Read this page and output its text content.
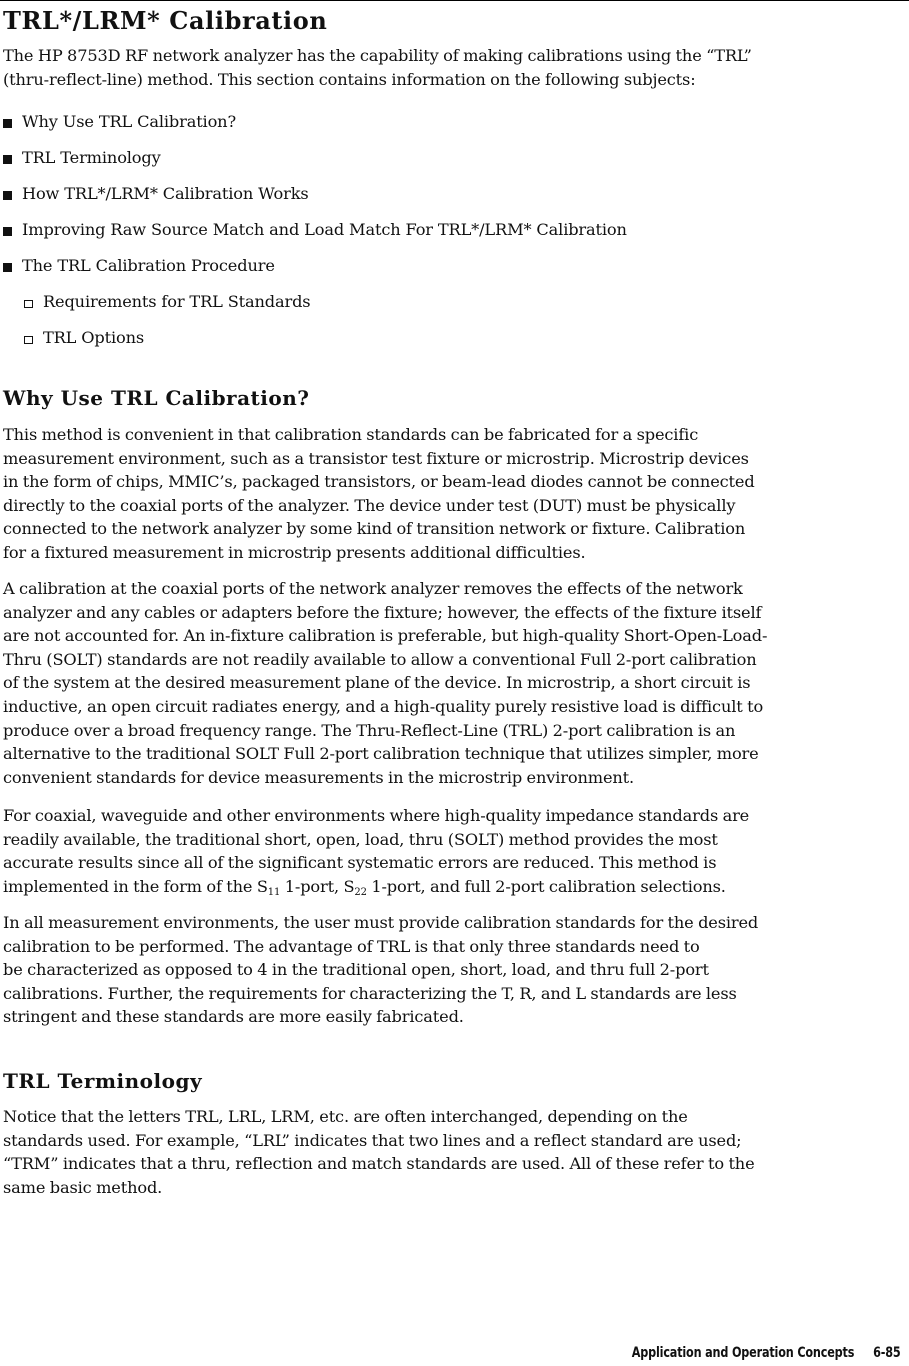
TRL*/LRM* Calibration

The HP 8753D RF network analyzer has the capability of making calibrations using the “TRL”
(thru-reflect-line) method. This section contains information on the following subjects:

Why Use TRL Calibration?
TRL Terminology
How TRL*/LRM* Calibration Works
Improving Raw Source Match and Load Match For TRL*/LRM* Calibration
The TRL Calibration Procedure
Requirements for TRL Standards
TRL Options
Why Use TRL Calibration?

This method is convenient in that calibration standards can be fabricated for a specific
measurement environment, such as a transistor test fixture or microstrip. Microstrip devices
in the form of chips, MMIC’s, packaged transistors, or beam-lead diodes cannot be connected
directly to the coaxial ports of the analyzer. The device under test (DUT) must be physically
connected to the network analyzer by some kind of transition network or fixture. Calibration
for a fixtured measurement in microstrip presents additional difficulties.

A calibration at the coaxial ports of the network analyzer removes the effects of the network
analyzer and any cables or adapters before the fixture; however, the effects of the fixture itself
are not accounted for. An in-fixture calibration is preferable, but high-quality Short-Open-Load-
Thru (SOLT) standards are not readily available to allow a conventional Full 2-port calibration
of the system at the desired measurement plane of the device. In microstrip, a short circuit is
inductive, an open circuit radiates energy, and a high-quality purely resistive load is difficult to
produce over a broad frequency range. The Thru-Reflect-Line (TRL) 2-port calibration is an
alternative to the traditional SOLT Full 2-port calibration technique that utilizes simpler, more
convenient standards for device measurements in the microstrip environment.

For coaxial, waveguide and other environments where high-quality impedance standards are
readily available, the traditional short, open, load, thru (SOLT) method provides the most
accurate results since all of the significant systematic errors are reduced. This method is
implemented in the form of the $S_{11}$ 1-port, $S_{22}$ 1-port, and full 2-port calibration selections.

In all measurement environments, the user must provide calibration standards for the desired
calibration to be performed. The advantage of TRL is that only three standards need to
be characterized as opposed to 4 in the traditional open, short, load, and thru full 2-port
calibrations. Further, the requirements for characterizing the T, R, and L standards are less
stringent and these standards are more easily fabricated.

TRL Terminology

Notice that the letters TRL, LRL, LRM, etc. are often interchanged, depending on the
standards used. For example, “LRL” indicates that two lines and a reflect standard are used;
“TRM” indicates that a thru, reflection and match standards are used. All of these refer to the
same basic method.

Application and Operation Concepts 6-85
